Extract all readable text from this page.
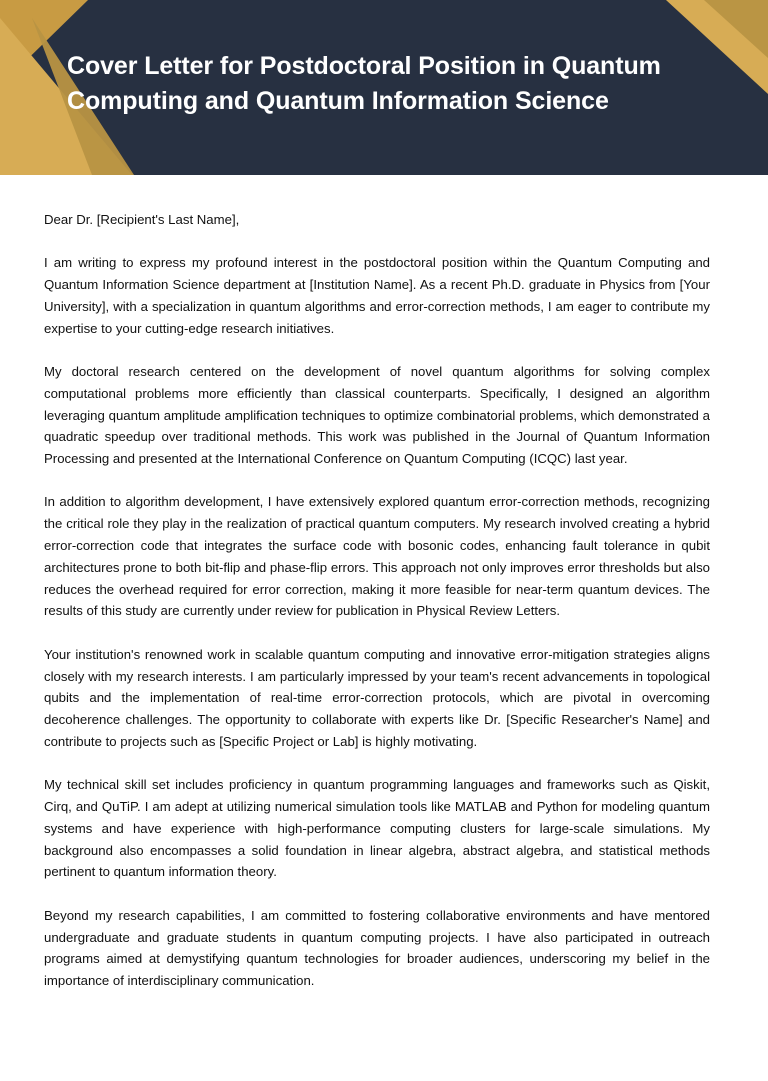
Cover Letter for Postdoctoral Position in Quantum Computing and Quantum Information Science

Dear Dr. [Recipient's Last Name],

I am writing to express my profound interest in the postdoctoral position within the Quantum Computing and Quantum Information Science department at [Institution Name]. As a recent Ph.D. graduate in Physics from [Your University], with a specialization in quantum algorithms and error-correction methods, I am eager to contribute my expertise to your cutting-edge research initiatives.

My doctoral research centered on the development of novel quantum algorithms for solving complex computational problems more efficiently than classical counterparts. Specifically, I designed an algorithm leveraging quantum amplitude amplification techniques to optimize combinatorial problems, which demonstrated a quadratic speedup over traditional methods. This work was published in the Journal of Quantum Information Processing and presented at the International Conference on Quantum Computing (ICQC) last year.

In addition to algorithm development, I have extensively explored quantum error-correction methods, recognizing the critical role they play in the realization of practical quantum computers. My research involved creating a hybrid error-correction code that integrates the surface code with bosonic codes, enhancing fault tolerance in qubit architectures prone to both bit-flip and phase-flip errors. This approach not only improves error thresholds but also reduces the overhead required for error correction, making it more feasible for near-term quantum devices. The results of this study are currently under review for publication in Physical Review Letters.

Your institution's renowned work in scalable quantum computing and innovative error-mitigation strategies aligns closely with my research interests. I am particularly impressed by your team's recent advancements in topological qubits and the implementation of real-time error-correction protocols, which are pivotal in overcoming decoherence challenges. The opportunity to collaborate with experts like Dr. [Specific Researcher's Name] and contribute to projects such as [Specific Project or Lab] is highly motivating.

My technical skill set includes proficiency in quantum programming languages and frameworks such as Qiskit, Cirq, and QuTiP. I am adept at utilizing numerical simulation tools like MATLAB and Python for modeling quantum systems and have experience with high-performance computing clusters for large-scale simulations. My background also encompasses a solid foundation in linear algebra, abstract algebra, and statistical methods pertinent to quantum information theory.

Beyond my research capabilities, I am committed to fostering collaborative environments and have mentored undergraduate and graduate students in quantum computing projects. I have also participated in outreach programs aimed at demystifying quantum technologies for broader audiences, underscoring my belief in the importance of interdisciplinary communication.
